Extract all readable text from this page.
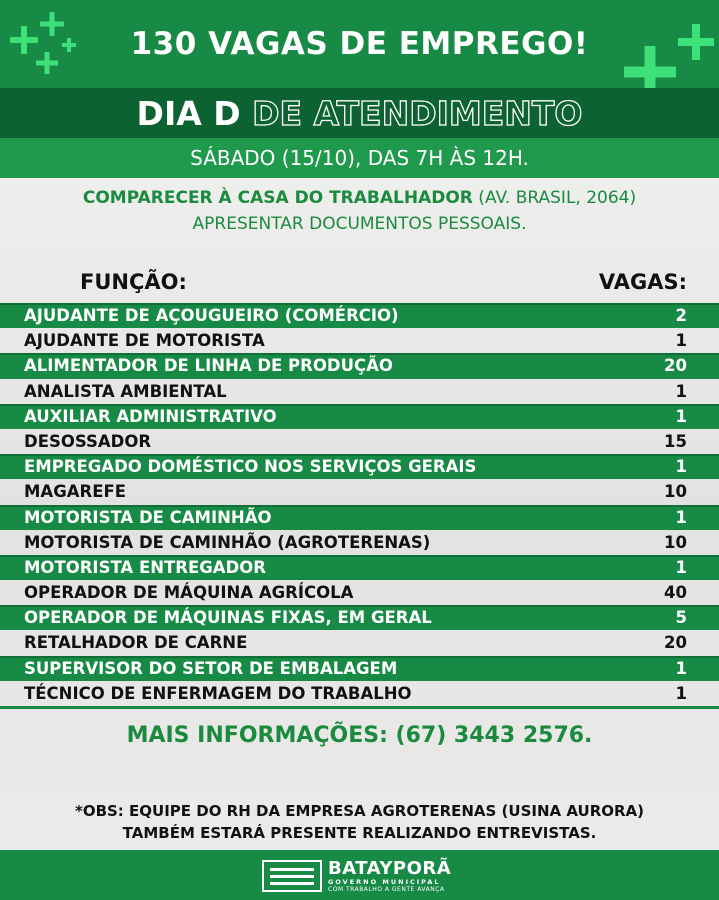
130 VAGAS DE EMPREGO!
DIA D DE ATENDIMENTO
SÁBADO (15/10), DAS 7H ÀS 12H.
COMPARECER À CASA DO TRABALHADOR (AV. BRASIL, 2064)
APRESENTAR DOCUMENTOS PESSOAIS.
FUNÇÃO:	VAGAS:
AJUDANTE DE AÇOUGUEIRO (COMÉRCIO)	2
AJUDANTE DE MOTORISTA	1
ALIMENTADOR DE LINHA DE PRODUÇÃO	20
ANALISTA AMBIENTAL	1
AUXILIAR ADMINISTRATIVO	1
DESOSSADOR	15
EMPREGADO DOMÉSTICO NOS SERVIÇOS GERAIS	1
MAGAREFE	10
MOTORISTA DE CAMINHÃO	1
MOTORISTA DE CAMINHÃO (AGROTERENAS)	10
MOTORISTA ENTREGADOR	1
OPERADOR DE MÁQUINA AGRÍCOLA	40
OPERADOR DE MÁQUINAS FIXAS, EM GERAL	5
RETALHADOR DE CARNE	20
SUPERVISOR DO SETOR DE EMBALAGEM	1
TÉCNICO DE ENFERMAGEM DO TRABALHO	1
MAIS INFORMAÇÕES: (67) 3443 2576.
*OBS: EQUIPE DO RH DA EMPRESA AGROTERENAS (USINA AURORA)
TAMBÉM ESTARÁ PRESENTE REALIZANDO ENTREVISTAS.
BATAYPORÃ
GOVERNO MUNICIPAL
COM TRABALHO A GENTE AVANÇA
